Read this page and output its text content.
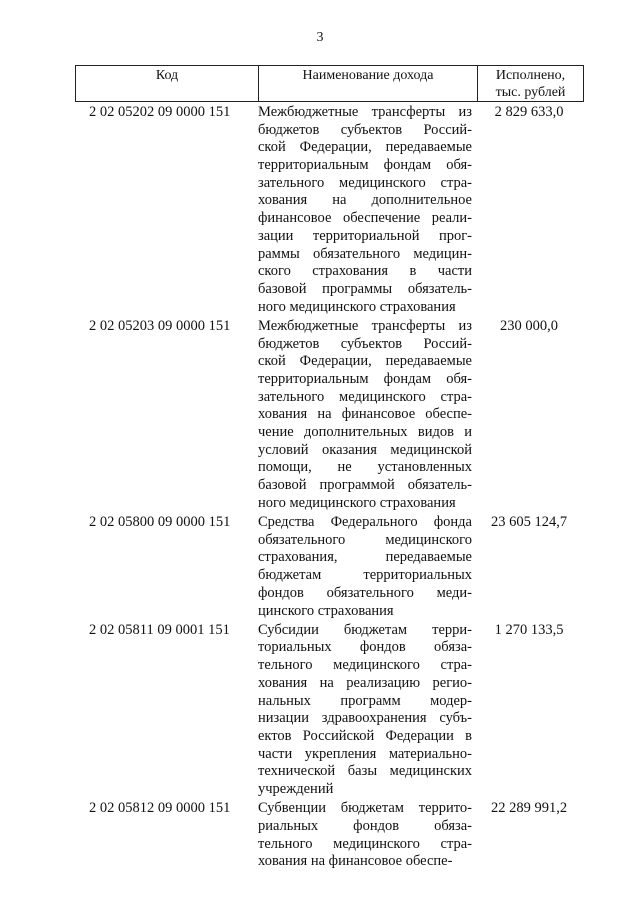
3
Код	Наименование дохода	Исполнено,
тыс. рублей
2 02 05202 09 0000 151 Межбюджетные трансферты из
бюджетов субъектов Россий-
ской Федерации, передаваемые
территориальным фондам обя-
зательного медицинского стра-
хования на дополнительное
финансовое обеспечение реали-
зации территориальной прог-
раммы обязательного медицин-
ского страхования в части
базовой программы обязатель-
ного медицинского страхования
2 829 633,0
2 02 05203 09 0000 151 Межбюджетные трансферты из
бюджетов субъектов Россий-
ской Федерации, передаваемые
территориальным фондам обя-
зательного медицинского стра-
хования на финансовое обеспе-
чение дополнительных видов и
условий оказания медицинской
помощи, не установленных
базовой программой обязатель-
ного медицинского страхования
230 000,0
2 02 05800 09 0000 151 Средства Федерального фонда
обязательного медицинского
страхования, передаваемые
бюджетам территориальных
фондов обязательного меди-
цинского страхования
23 605 124,7
2 02 05811 09 0001 151 Субсидии бюджетам терри-
ториальных фондов обяза-
тельного медицинского стра-
хования на реализацию регио-
нальных программ модер-
низации здравоохранения субъ-
ектов Российской Федерации в
части укрепления материально-
технической базы медицинских
учреждений
1 270 133,5
2 02 05812 09 0000 151 Субвенции бюджетам террито-
риальных фондов обяза-
тельного медицинского стра-
хования на финансовое обеспе-
22 289 991,2
